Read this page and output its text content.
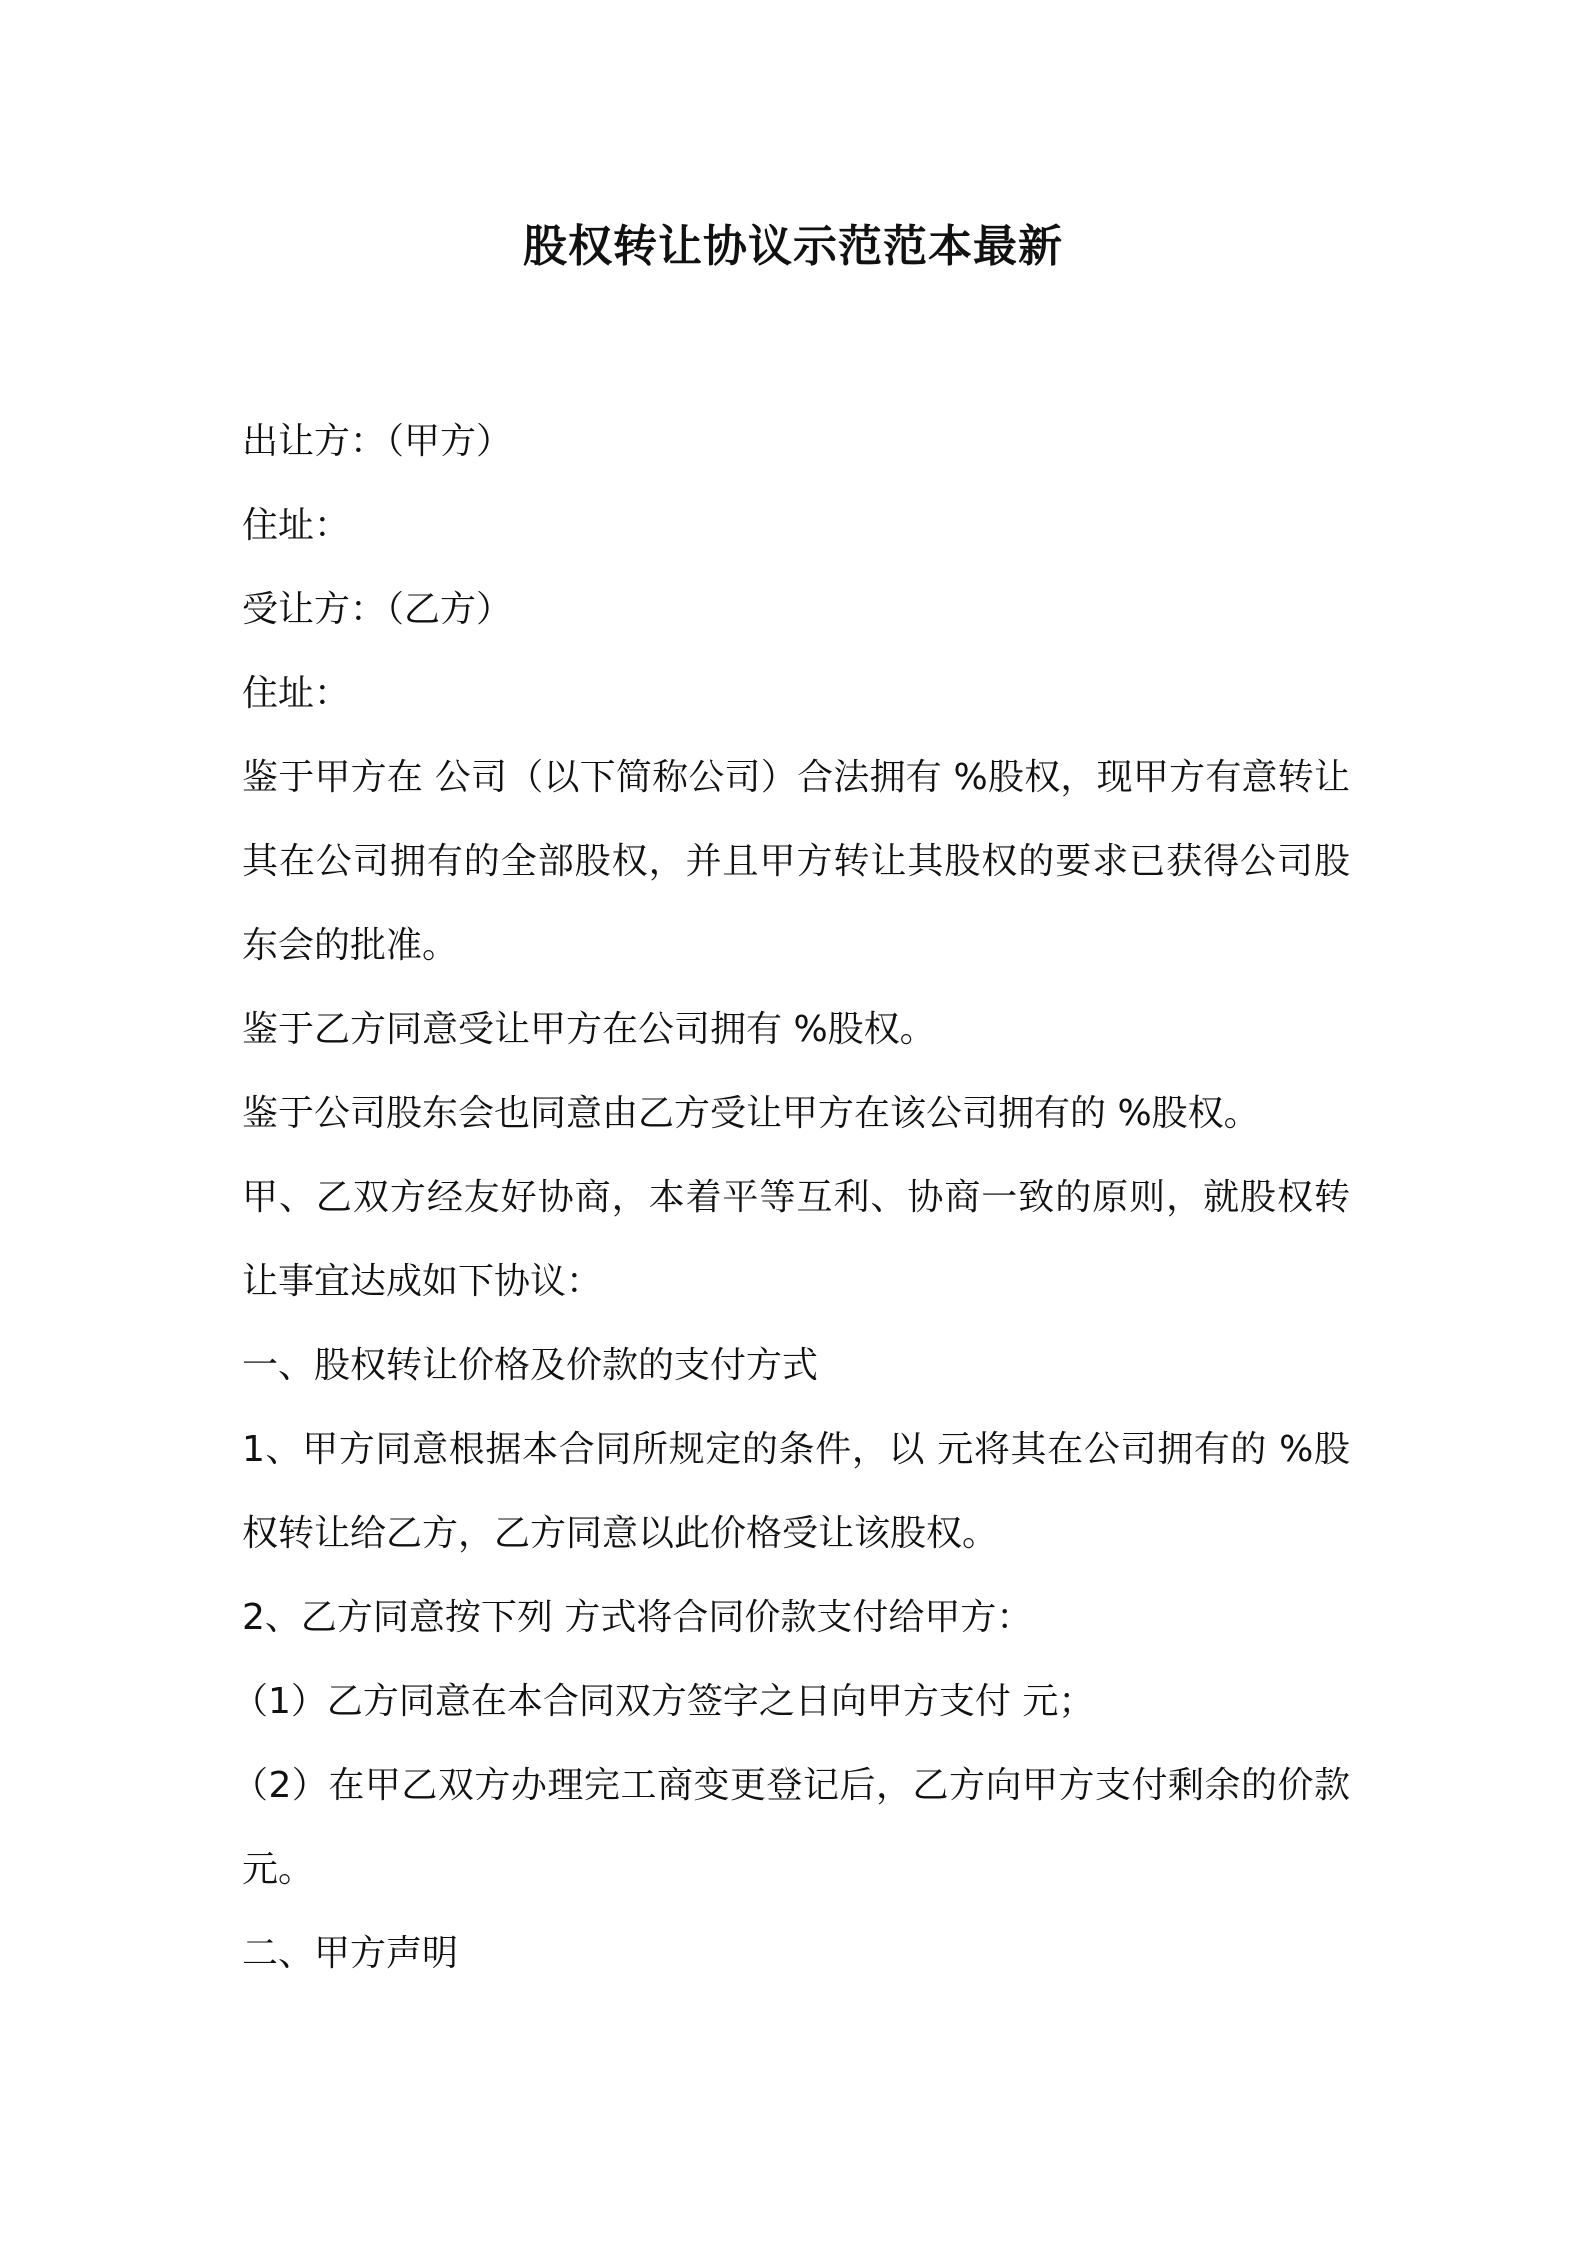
股权转让协议示范范本最新

出让方：（甲方）

住址：

受让方：（乙方）

住址：

鉴于甲方在 公司（以下简称公司）合法拥有 %股权，现甲方有意转让其在公司拥有的全部股权，并且甲方转让其股权的要求已获得公司股东会的批准。

鉴于乙方同意受让甲方在公司拥有 %股权。

鉴于公司股东会也同意由乙方受让甲方在该公司拥有的 %股权。

甲、乙双方经友好协商，本着平等互利、协商一致的原则，就股权转让事宜达成如下协议：

一、股权转让价格及价款的支付方式

1、甲方同意根据本合同所规定的条件，以 元将其在公司拥有的 %股权转让给乙方，乙方同意以此价格受让该股权。

2、乙方同意按下列 方式将合同价款支付给甲方：

（1）乙方同意在本合同双方签字之日向甲方支付 元；

（2）在甲乙双方办理完工商变更登记后，乙方向甲方支付剩余的价款 元。

二、甲方声明
